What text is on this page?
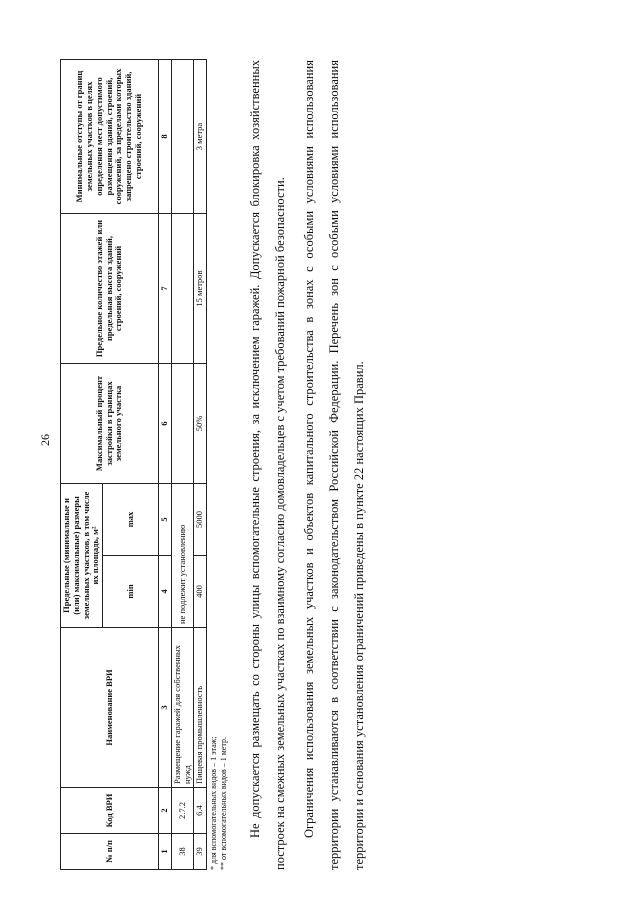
26
№ п/п	Код ВРИ	Наименование ВРИ	Предельные (минимальные и (или) максимальные) размеры земельных участков, в том числе их площадь, м²		Максимальный процент застройки в границах земельного участка	Предельное количество этажей или предельная высота зданий, строений, сооружений	Минимальные отступы от границ земельных участков в целях определения мест допустимого размещения зданий, строений, сооружений, за пределами которых запрещено строительство зданий, строений, сооружений
			min	max			
1	2	3	4	5	6	7	8
38	2.7.2	Размещение гаражей для собственных нужд	не подлежит установлению				
39	6.4	Пищевая промышленность	400	5000	50%	15 метров	3 метра
* для вспомогательных видов – 1 этаж; ** от вспомогательных видов – 1 метр.	Не допускается размещать со стороны улицы вспомогательные строения, за исключением гаражей. Допускается блокировка хозяйственных построек на смежных земельных участках по взаимному согласию домовладельцев с учетом требований пожарной безопасности.	Ограничения использования земельных участков и объектов капитального строительства в зонах с особыми условиями использования территории устанавливаются в соответствии с законодательством Российской Федерации. Перечень зон с особыми условиями использования территории и основания установления ограничений приведены в пункте 22 настоящих Правил.
